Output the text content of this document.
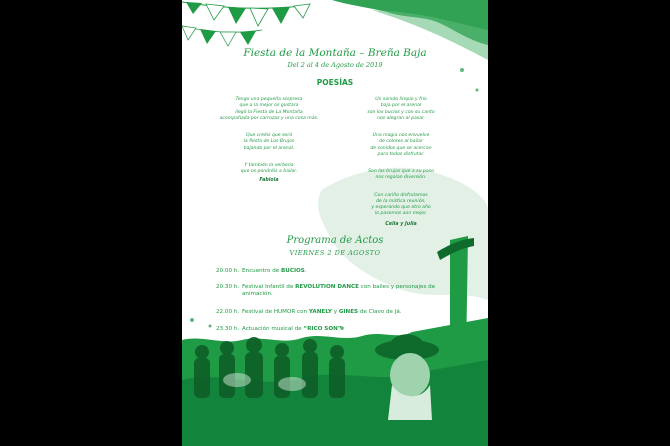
Fiesta de la Montaña – Breña Baja
Del 2 al 4 de Agosto de 2019
POESÍAS

Tengo una pequeña sorpresa
que a la mejor os gustara
llegó la Fiesta de La Montaña
acompañada por carrozas y una cosa más.

Que creéis que será
la fiesta de Los Brujos
bajando por el arenal.

Y también la verbena
que os pondréis a bailar.

Fabiola

Un sonido limpio y frío
baja por el arenal
son los bucios y con su canto
nos alegran al pasar.

Una magia nos envuelve
de colores al bailar
de sonidos que se acercan
para todos disfrutar.

Son las brujas que a su paso
nos regalan diversión.

Con cariño disfrutamos
de la mística reunión,
y esperando que otro año
lo pasemos aún mejor.

Celia y Julia
Programa de Actos
VIERNES 2 DE AGOSTO
20.00 h. Encuentro de BUCIOS.
20.30 h. Festival Infantil de REVOLUTION DANCE con bailes y personajes de animación.
22.00 h. Festival de HUMOR con YANELY y GINES de Clavo de Já.
23.30 h. Actuación musical de “RICO SON”.
